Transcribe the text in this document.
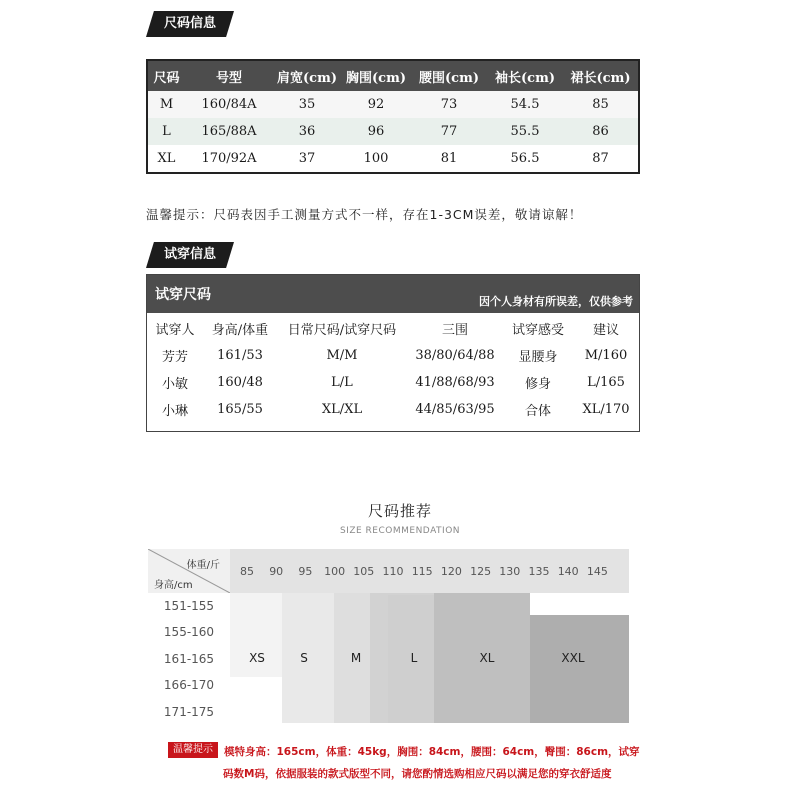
尺码信息
尺码	号型	肩宽(cm)	胸围(cm)	腰围(cm)	袖长(cm)	裙长(cm)
M	160/84A	35	92	73	54.5	85
L	165/88A	36	96	77	55.5	86
XL	170/92A	37	100	81	56.5	87
温馨提示：尺码表因手工测量方式不一样，存在1-3CM误差，敬请谅解！
试穿信息
试穿尺码	因个人身材有所误差，仅供参考
试穿人	身高/体重	日常尺码/试穿尺码	三围	试穿感受	建议
芳芳	161/53	M/M	38/80/64/88	显腰身	M/160
小敏	160/48	L/L	41/88/68/93	修身	L/165
小琳	165/55	XL/XL	44/85/63/95	合体	XL/170
尺码推荐
SIZE RECOMMENDATION
体重/斤
身高/cm
85	90	95	100 105 110 115 120 125 130 135 140 145
151-155
155-160
161-165
166-170
171-175
XS	S	M	L	XL	XXL
温馨提示	模特身高：165cm，体重：45kg，胸围：84cm，腰围：64cm，臀围：86cm，试穿
码数M码，依据服装的款式版型不同，请您酌情选购相应尺码以满足您的穿衣舒适度
